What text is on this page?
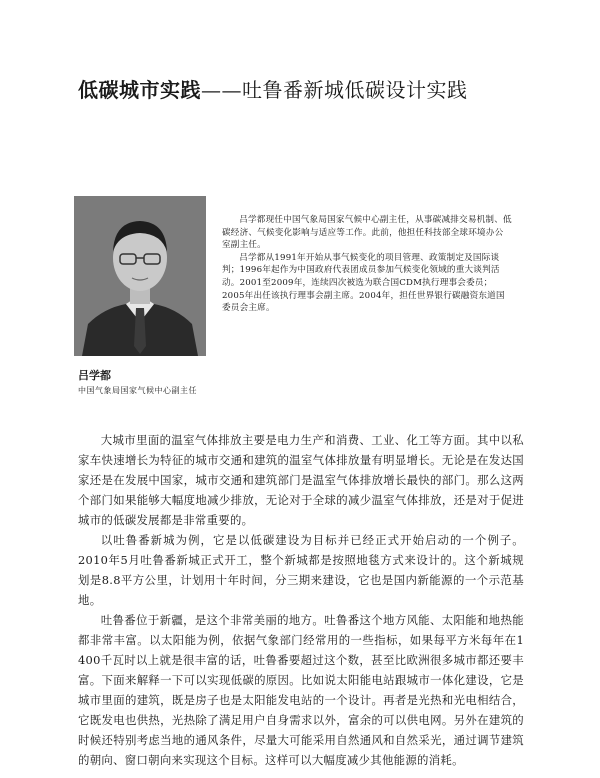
低碳城市实践——吐鲁番新城低碳设计实践

吕学都现任中国气象局国家气候中心副主任，从事碳减排交易机制、低碳经济、气候变化影响与适应等工作。此前，他担任科技部全球环境办公室副主任。

吕学都从1991年开始从事气候变化的项目管理、政策制定及国际谈判；1996年起作为中国政府代表团成员参加气候变化领域的重大谈判活动。2001至2009年，连续四次被选为联合国CDM执行理事会委员；2005年出任该执行理事会副主席。2004年，担任世界银行碳融资东道国委员会主席。

吕学都

中国气象局国家气候中心副主任

大城市里面的温室气体排放主要是电力生产和消费、工业、化工等方面。其中以私家车快速增长为特征的城市交通和建筑的温室气体排放量有明显增长。无论是在发达国家还是在发展中国家，城市交通和建筑部门是温室气体排放增长最快的部门。那么这两个部门如果能够大幅度地减少排放，无论对于全球的减少温室气体排放，还是对于促进城市的低碳发展都是非常重要的。

以吐鲁番新城为例，它是以低碳建设为目标并已经正式开始启动的一个例子。2010年5月吐鲁番新城正式开工，整个新城都是按照地毯方式来设计的。这个新城规划是8.8平方公里，计划用十年时间，分三期来建设，它也是国内新能源的一个示范基地。

吐鲁番位于新疆，是这个非常美丽的地方。吐鲁番这个地方风能、太阳能和地热能都非常丰富。以太阳能为例，依据气象部门经常用的一些指标，如果每平方米每年在1 400千瓦时以上就是很丰富的话，吐鲁番要超过这个数，甚至比欧洲很多城市都还要丰富。下面来解释一下可以实现低碳的原因。比如说太阳能电站跟城市一体化建设，它是城市里面的建筑，既是房子也是太阳能发电站的一个设计。再者是光热和光电相结合，它既发电也供热，光热除了满足用户自身需求以外，富余的可以供电网。另外在建筑的时候还特别考虑当地的通风条件，尽量大可能采用自然通风和自然采光，通过调节建筑的朝向、窗口朝向来实现这个目标。这样可以大幅度减少其他能源的消耗。
